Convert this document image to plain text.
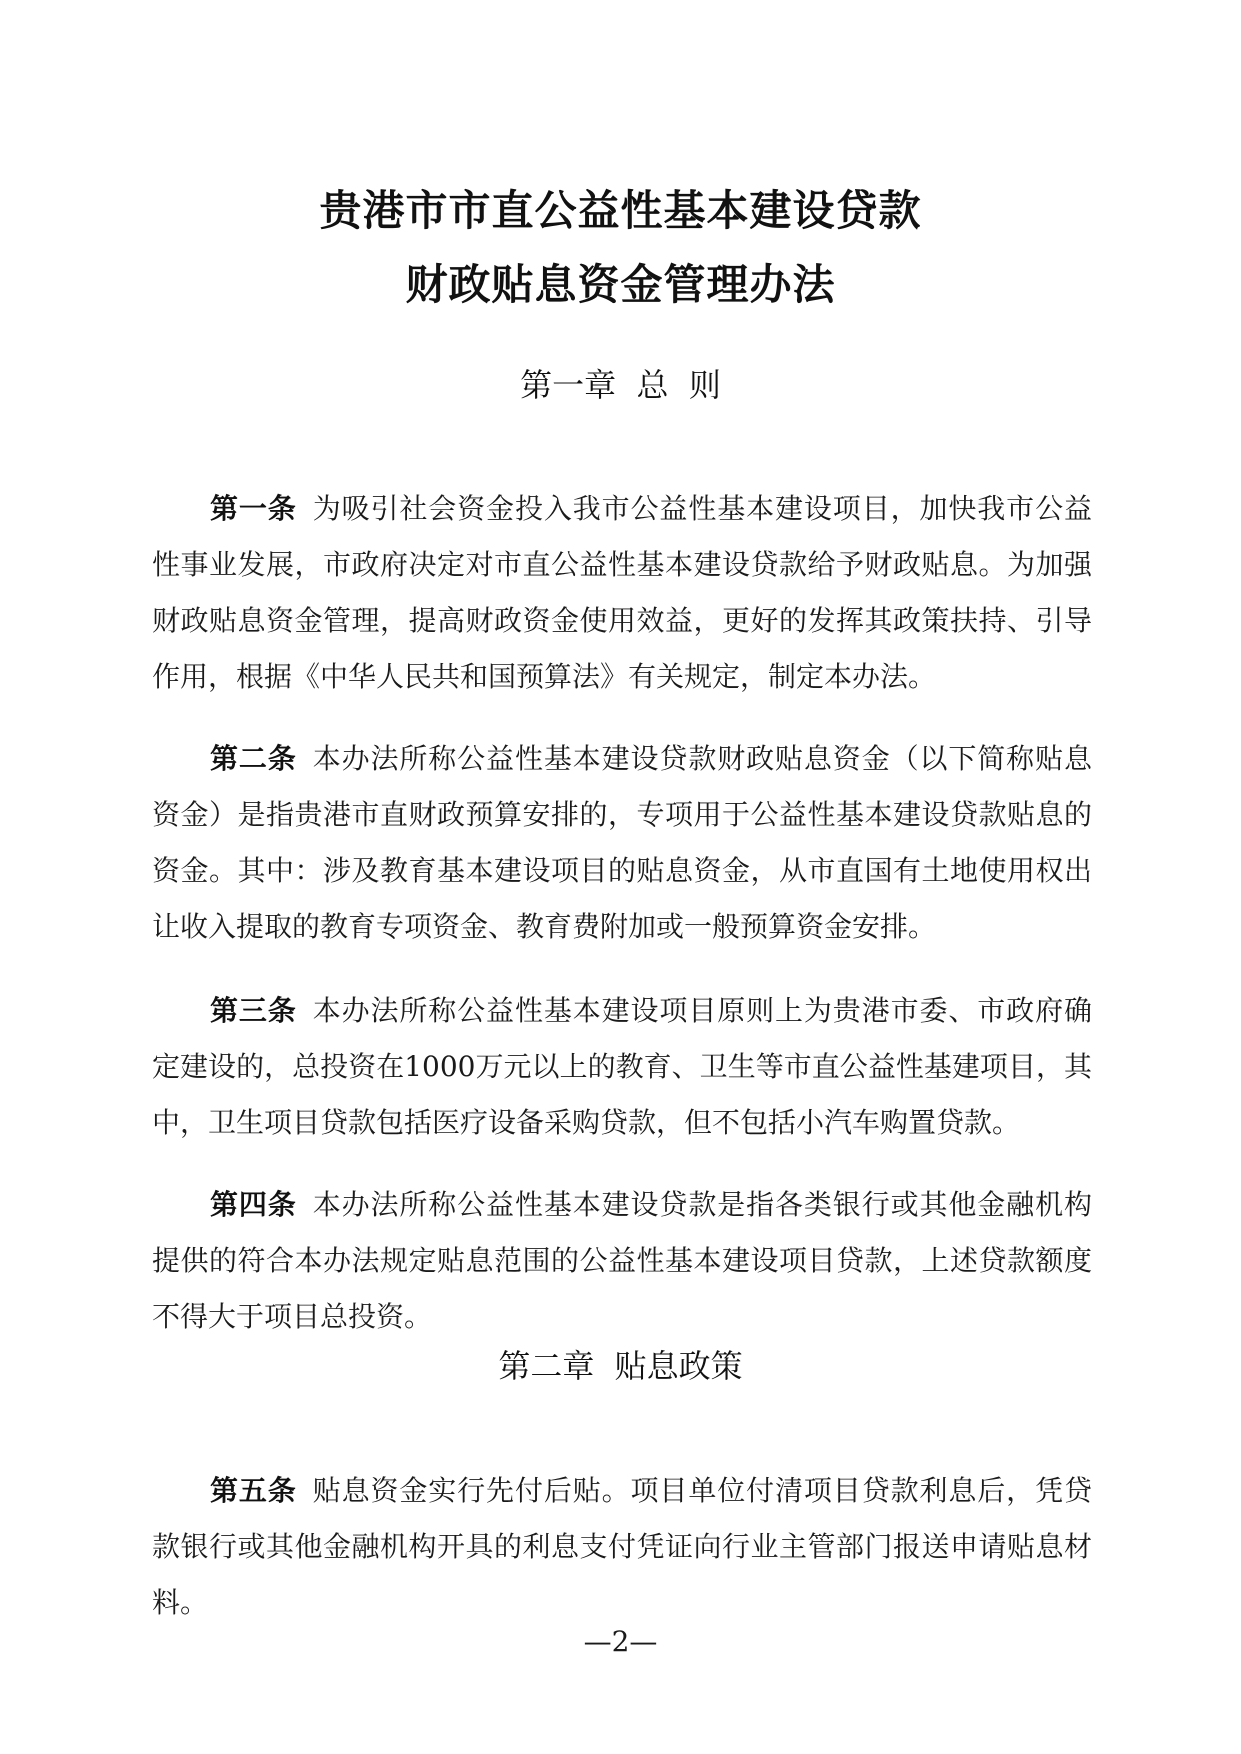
贵港市市直公益性基本建设贷款
财政贴息资金管理办法
第一章  总  则

第一条 为吸引社会资金投入我市公益性基本建设项目，加快我市公益性事业发展，市政府决定对市直公益性基本建设贷款给予财政贴息。为加强财政贴息资金管理，提高财政资金使用效益，更好的发挥其政策扶持、引导作用，根据《中华人民共和国预算法》有关规定，制定本办法。

第二条 本办法所称公益性基本建设贷款财政贴息资金（以下简称贴息资金）是指贵港市直财政预算安排的，专项用于公益性基本建设贷款贴息的资金。其中：涉及教育基本建设项目的贴息资金，从市直国有土地使用权出让收入提取的教育专项资金、教育费附加或一般预算资金安排。

第三条 本办法所称公益性基本建设项目原则上为贵港市委、市政府确定建设的，总投资在1000万元以上的教育、卫生等市直公益性基建项目，其中，卫生项目贷款包括医疗设备采购贷款，但不包括小汽车购置贷款。

第四条 本办法所称公益性基本建设贷款是指各类银行或其他金融机构提供的符合本办法规定贴息范围的公益性基本建设项目贷款，上述贷款额度不得大于项目总投资。

第二章  贴息政策

第五条 贴息资金实行先付后贴。项目单位付清项目贷款利息后，凭贷款银行或其他金融机构开具的利息支付凭证向行业主管部门报送申请贴息材料。

—2—
